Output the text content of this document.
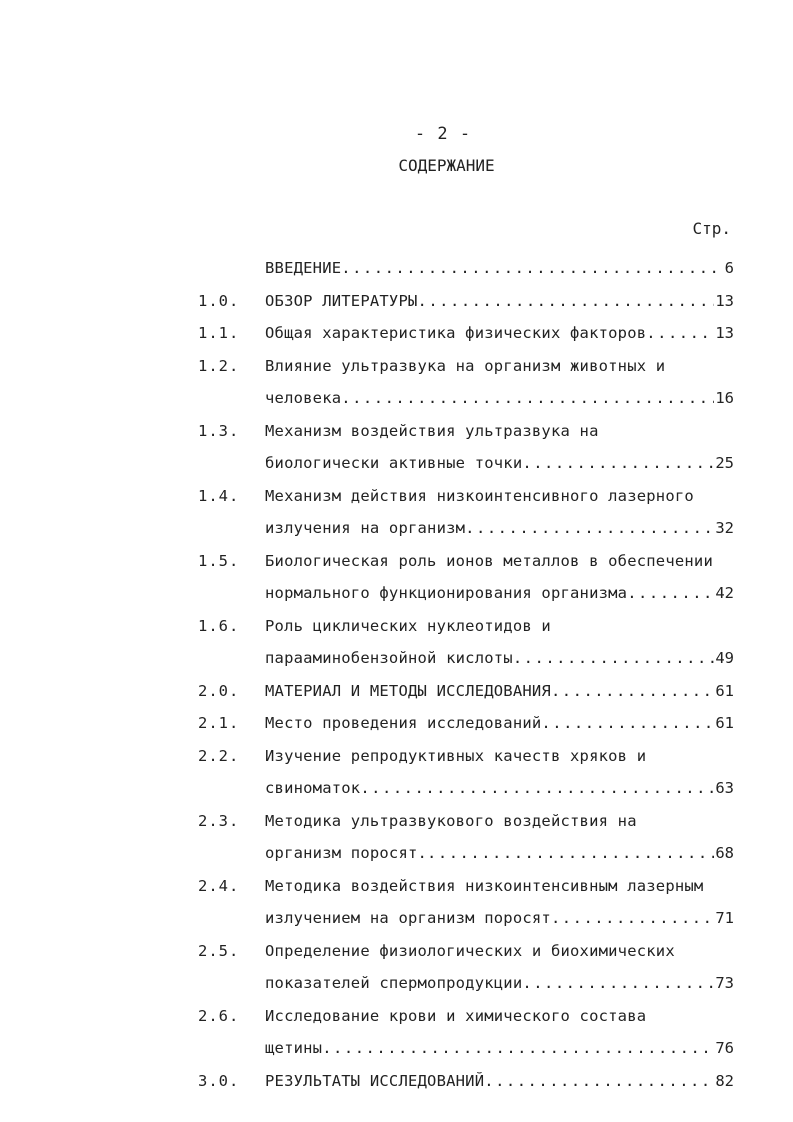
- 2 -
СОДЕРЖАНИЕ
Стр.
ВВЕДЕНИЕ .....	6
1.0. ОБЗОР ЛИТЕРАТУРЫ .....	13
1.1. Общая характеристика физических факторов .....	13
1.2. Влияние ультразвука на организм животных и
человека .....	16
1.3. Механизм воздействия ультразвука на
биологически активные точки .....	25
1.4. Механизм действия низкоинтенсивного лазерного
излучения на организм .....	32
1.5. Биологическая роль ионов металлов в обеспечении
нормального функционирования организма .....	42
1.6. Роль циклических нуклеотидов и
парааминобензойной кислоты .....	49
2.0. МАТЕРИАЛ И МЕТОДЫ ИССЛЕДОВАНИЯ .....	61
2.1. Место проведения исследований .....	61
2.2. Изучение репродуктивных качеств хряков и
свиноматок .....	63
2.3. Методика ультразвукового воздействия на
организм поросят. .....	68
2.4. Методика воздействия низкоинтенсивным лазерным
излучением на организм поросят .....	71
2.5. Определение физиологических и биохимических
показателей спермопродукции .....	73
2.6. Исследование крови и химического состава
щетины .....	76
3.0. РЕЗУЛЬТАТЫ ИССЛЕДОВАНИЙ .....	82
